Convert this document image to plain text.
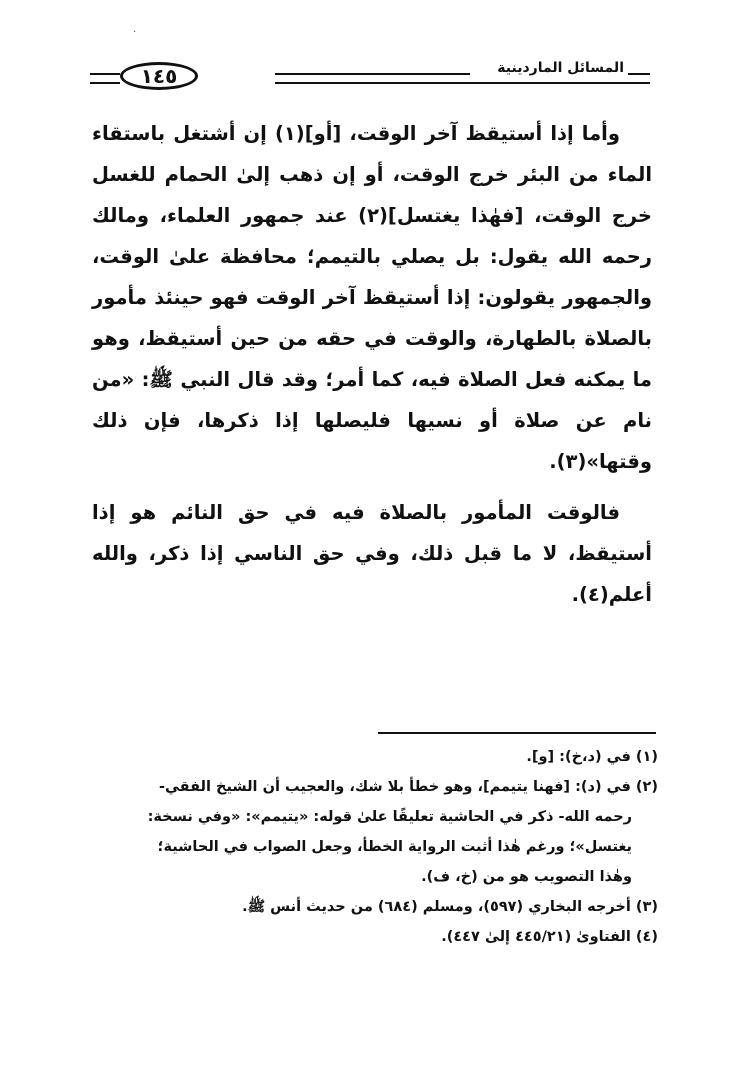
·
١٤٥	المسائل الماردينية

وأما إذا أستيقظ آخر الوقت، [أو](١) إن أشتغل باستقاء الماء من البئر خرج الوقت، أو إن ذهب إلىٰ الحمام للغسل خرج الوقت، [فهٰذا يغتسل](٢) عند جمهور العلماء، ومالك رحمه الله يقول: بل يصلي بالتيمم؛ محافظة علىٰ الوقت، والجمهور يقولون: إذا أستيقظ آخر الوقت فهو حينئذ مأمور بالصلاة بالطهارة، والوقت في حقه من حين أستيقظ، وهو ما يمكنه فعل الصلاة فيه، كما أمر؛ وقد قال النبي ﷺ: «من نام عن صلاة أو نسيها فليصلها إذا ذكرها، فإن ذلك وقتها»(٣).

فالوقت المأمور بالصلاة فيه في حق النائم هو إذا أستيقظ، لا ما قبل ذلك، وفي حق الناسي إذا ذكر، والله أعلم(٤).

(١) في (د،خ): [و].

(٢) في (د): [فهنا يتيمم]، وهو خطأ بلا شك، والعجيب أن الشيخ الفقي-

رحمه الله- ذكر في الحاشية تعليقًا علىٰ قوله: «يتيمم»: «وفي نسخة:

يغتسل»؛ ورغم هٰذا أثبت الرواية الخطأ، وجعل الصواب في الحاشية؛

وهٰذا التصويب هو من (خ، ف).

(٣) أخرجه البخاري (٥٩٧)، ومسلم (٦٨٤) من حديث أنس ﷺ.

(٤) الفتاوىٰ (٤٤٥/٢١ إلىٰ ٤٤٧).
